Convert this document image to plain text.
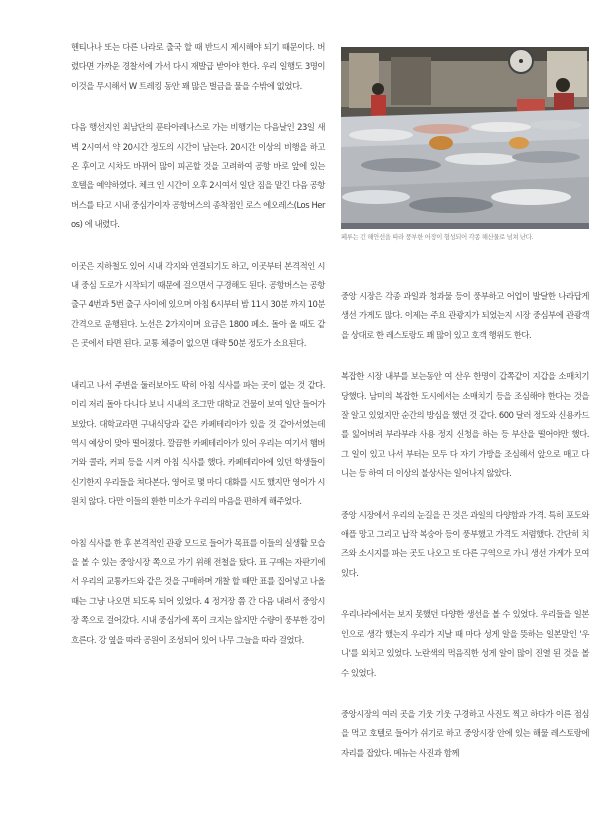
헨티나나 또는 다른 나라로 출국 할 때 반드시 제시해야 되기 때문이다. 버렸다면 가까운 경찰서에 가서 다시 재발급 받아야 한다. 우리 일행도 3명이 이것을 무시해서 W 트레킹 동안 꽤 많은 벌금을 물을 수밖에 없었다.

다음 행선지인 최남단의 푼타아레나스로 가는 비행기는 다음날인 23일 새벽 2시여서 약 20시간 정도의 시간이 남는다. 20시간 이상의 비행을 하고 온 후이고 시차도 바뀌어 많이 피곤할 것을 고려하여 공항 바로 앞에 있는 호텔을 예약하였다. 체크 인 시간이 오후 2시여서 일단 짐을 맡긴 다음 공항버스를 타고 시내 중심가이자 공항버스의 종착점인 로스 에오레스(Los Heros) 에 내렸다.

이곳은 지하철도 있어 시내 각지와 연결되기도 하고, 이곳부터 본격적인 시내 중심 도로가 시작되기 때문에 걸으면서 구경해도 된다. 공항버스는 공항 출구 4번과 5번 출구 사이에 있으며 아침 6시부터 밤 11시 30분 까지 10분 간격으로 운행된다. 노선은 2가지이며 요금은 1800 페소. 돌아 올 때도 같은 곳에서 타면 된다. 교통 체증이 없으면 대략 50분 정도가 소요된다.

내리고 나서 주변을 둘러보아도 딱히 아침 식사를 파는 곳이 없는 것 같다. 이리 저리 돌아 다니다 보니 시내의 조그만 대학교 건물이 보여 일단 들어가 보았다. 대학교라면 구내식당과 같은 카페테리아가 있을 것 같아서였는데 역시 예상이 맞아 떨어졌다. 깔끔한 카페테리아가 있어 우리는 여기서 햄버거와 콜라, 커피 등을 시켜 아침 식사를 했다. 카페테리아에 있던 학생들이 신기한지 우리들을 쳐다본다. 영어로 몇 마디 대화를 시도 했지만 영어가 시원치 않다. 다만 이들의 환한 미소가 우리의 마음을 편하게 해주었다.

아침 식사를 한 후 본격적인 관광 모드로 들어가 목표를 이들의 실생활 모습을 볼 수 있는 중앙시장 쪽으로 가기 위해 전철을 탔다. 표 구매는 자판기에서 우리의 교통카드와 같은 것을 구매하며 개찰 할 때만 표를 집어넣고 나올 때는 그냥 나오면 되도록 되어 있었다. 4 정거장 쯤 간 다음 내려서 중앙시장 쪽으로 걸어갔다. 시내 중심가에 폭이 크지는 않지만 수량이 풍부한 강이 흐른다. 강 옆을 따라 공원이 조성되어 있어 나무 그늘을 따라 걸었다.

페루는 긴 해안선을 따라 풍부한 어장이 형성되어 각종 해산물로 넘쳐 난다.

중앙 시장은 각종 과일과 청과물 등이 풍부하고 어업이 발달한 나라답게 생선 가게도 많다. 이제는 주요 관광지가 되었는지 시장 중심부에 관광객을 상대로 한 레스토랑도 꽤 많이 있고 호객 행위도 한다.

복잡한 시장 내부를 보는동안 여 산우 한명이 갑쪽같이 지갑을 소매치기 당했다. 남미의 복잡한 도시에서는 소매치기 등을 조심해야 한다는 것을 잘 알고 있었지만 순간의 방심을 했던 것 같다. 600 달러 정도와 신용카드를 잃어버려 부라부랴 사용 정지 신청을 하는 등 부산을 떨어야만 했다. 그 일이 있고 나서 부터는 모두 다 자기 가방을 조심해서 앞으로 매고 다니는 등 하여 더 이상의 불상사는 일어나지 않았다.

중앙 시장에서 우리의 눈길을 끈 것은 과일의 다양함과 가격. 특히 포도와 애플 망고 그리고 납작 복숭아 등이 풍부했고 가격도 저렴했다. 간단히 치즈와 소시지를 파는 곳도 나오고 또 다른 구역으로 가니 생선 가게가 모여 있다.

우리나라에서는 보지 못했던 다양한 생선을 볼 수 있었다. 우리들을 일본인으로 생각 했는지 우리가 지날 때 마다 성게 알을 뜻하는 일본말인 '우니'를 외치고 있었다. 노란색의 먹음직한 성게 알이 많이 진열 된 것을 볼 수 있었다.

중앙시장의 여러 곳을 기웃 기웃 구경하고 사진도 찍고 하다가 이른 점심을 먹고 호텔로 들어가 쉬기로 하고 중앙시장 안에 있는 해물 레스토랑에 자리를 잡았다. 메뉴는 사진과 함께
